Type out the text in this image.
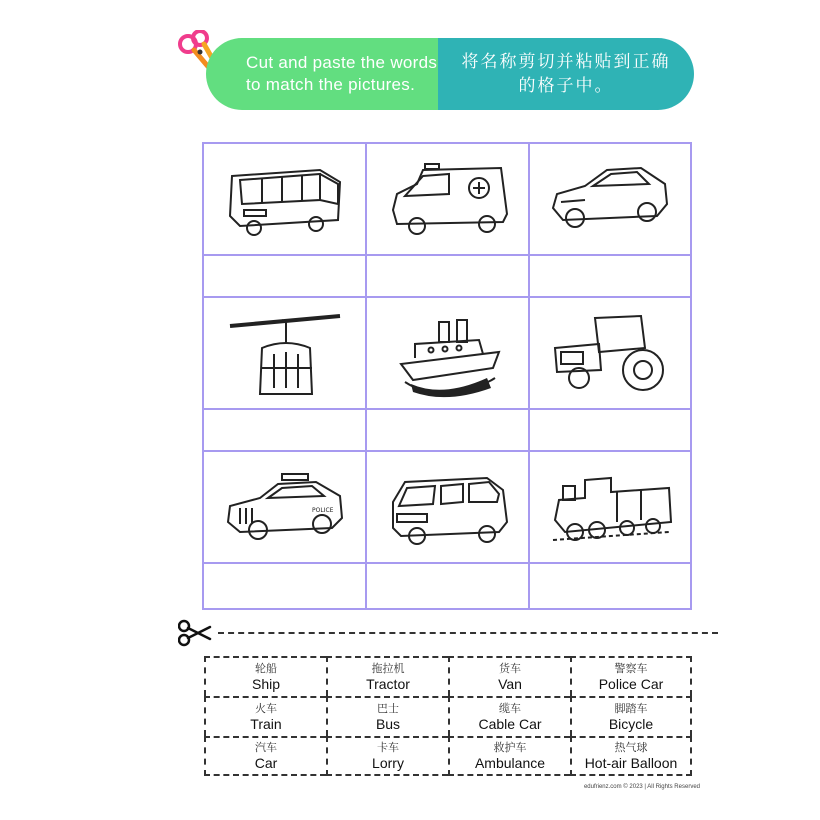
Cut and paste the words
to match the pictures.
将名称剪切并粘贴到正确
的格子中。
POLICE
轮船
Ship
拖拉机
Tractor
货车
Van
警察车
Police Car
火车
Train
巴士
Bus
缆车
Cable Car
脚踏车
Bicycle
汽车
Car
卡车
Lorry
救护车
Ambulance
热气球
Hot-air Balloon
edufrienz.com © 2023 | All Rights Reserved
